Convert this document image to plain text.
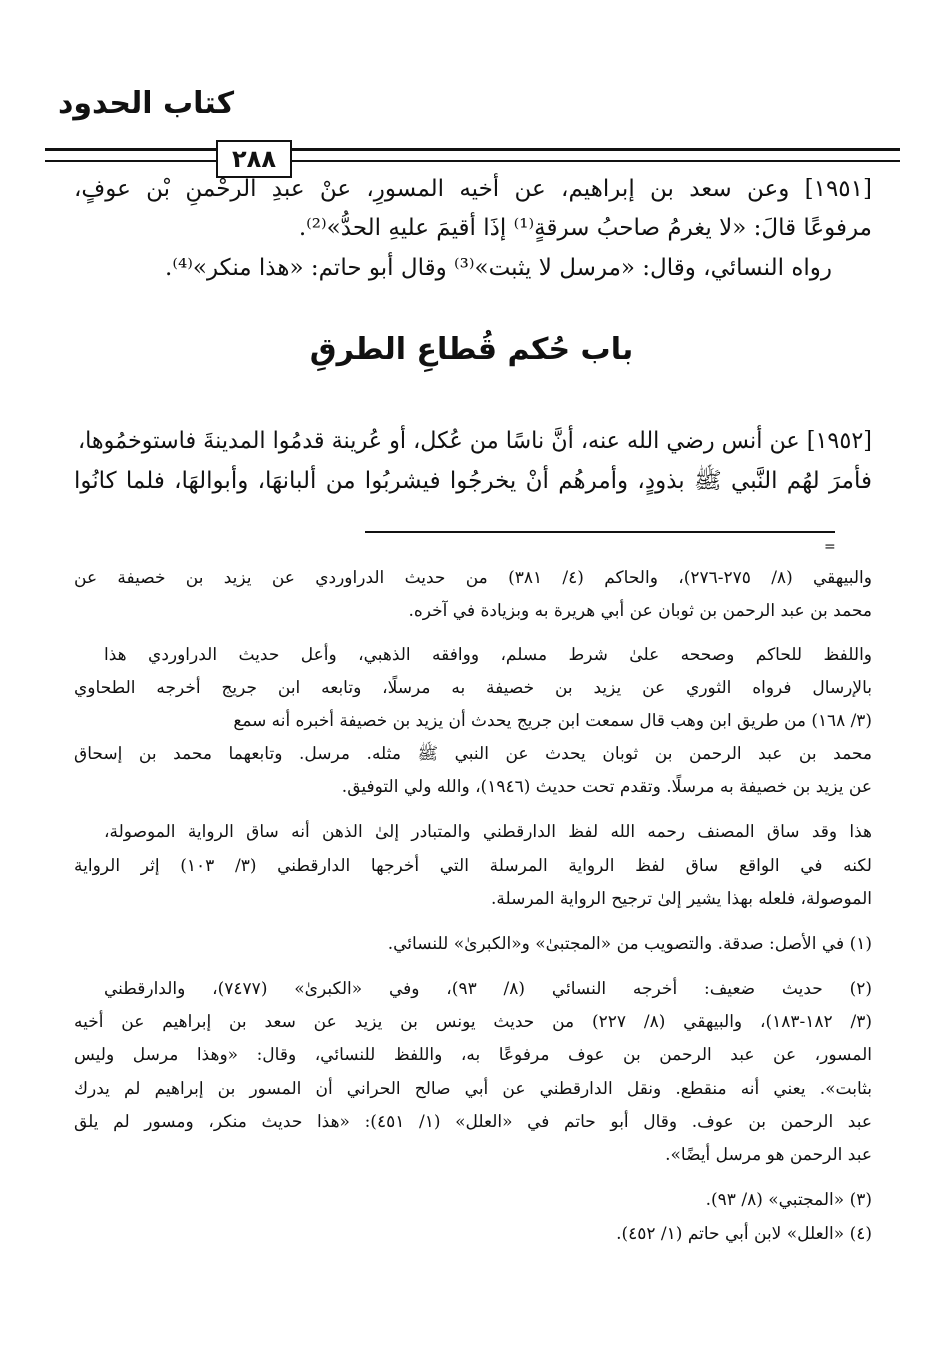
كتاب الحدود
٢٨٨
[١٩٥١] وعن سعد بن إبراهيم، عن أخيه المسورِ، عنْ عبدِ الرحْمنِ بْن عوفٍ،
مرفوعًا قالَ: «لا يغرمُ صاحبُ سرقةٍ⁽¹⁾ إذَا أقيمَ عليهِ الحدُّ»⁽²⁾.
رواه النسائي، وقال: «مرسل لا يثبت»⁽³⁾ وقال أبو حاتم: «هذا منكر»⁽⁴⁾.
باب حُكم قُطاعِ الطرقِ
[١٩٥٢] عن أنس رضي الله عنه، أنَّ ناسًا من عُكل، أو عُرينة قدمُوا المدينةَ فاستوخمُوها،
فأمرَ لهُم النَّبي ﷺ بذودٍ، وأمرهُم أنْ يخرجُوا فيشربُوا من ألبانهَا، وأبوالهَا، فلما كانُوا
=
والبيهقي (٨/ ٢٧٥-٢٧٦)، والحاكم (٤/ ٣٨١) من حديث الدراوردي عن يزيد بن خصيفة عن
محمد بن عبد الرحمن بن ثوبان عن أبي هريرة به وبزيادة في آخره.
واللفظ للحاكم وصححه علىٰ شرط مسلم، ووافقه الذهبي، وأعل حديث الدراوردي هذا
بالإرسال فرواه الثوري عن يزيد بن خصيفة به مرسلًا، وتابعه ابن جريج أخرجه الطحاوي
(٣/ ١٦٨) من طريق ابن وهب قال سمعت ابن جريج يحدث أن يزيد بن خصيفة أخبره أنه سمع
محمد بن عبد الرحمن بن ثوبان يحدث عن النبي ﷺ مثله. مرسل. وتابعهما محمد بن إسحاق
عن يزيد بن خصيفة به مرسلًا. وتقدم تحت حديث (١٩٤٦)، والله ولي التوفيق.
هذا وقد ساق المصنف رحمه الله لفظ الدارقطني والمتبادر إلىٰ الذهن أنه ساق الرواية الموصولة،
لكنه في الواقع ساق لفظ الرواية المرسلة التي أخرجها الدارقطني (٣/ ١٠٣) إثر الرواية
الموصولة، فلعله بهذا يشير إلىٰ ترجيح الرواية المرسلة.
(١) في الأصل: صدقة. والتصويب من «المجتبىٰ» و«الكبرىٰ» للنسائي.
(٢) حديث ضعيف: أخرجه النسائي (٨/ ٩٣)، وفي «الكبرىٰ» (٧٤٧٧)، والدارقطني
(٣/ ١٨٢-١٨٣)، والبيهقي (٨/ ٢٢٧) من حديث يونس بن يزيد عن سعد بن إبراهيم عن أخيه
المسور، عن عبد الرحمن بن عوف مرفوعًا به، واللفظ للنسائي، وقال: «وهذا مرسل وليس
بثابت». يعني أنه منقطع. ونقل الدارقطني عن أبي صالح الحراني أن المسور بن إبراهيم لم يدرك
عبد الرحمن بن عوف. وقال أبو حاتم في «العلل» (١/ ٤٥١): «هذا حديث منكر، ومسور لم يلق
عبد الرحمن هو مرسل أيضًا».
(٣) «المجتبي» (٨/ ٩٣).
(٤) «العلل» لابن أبي حاتم (١/ ٤٥٢).
